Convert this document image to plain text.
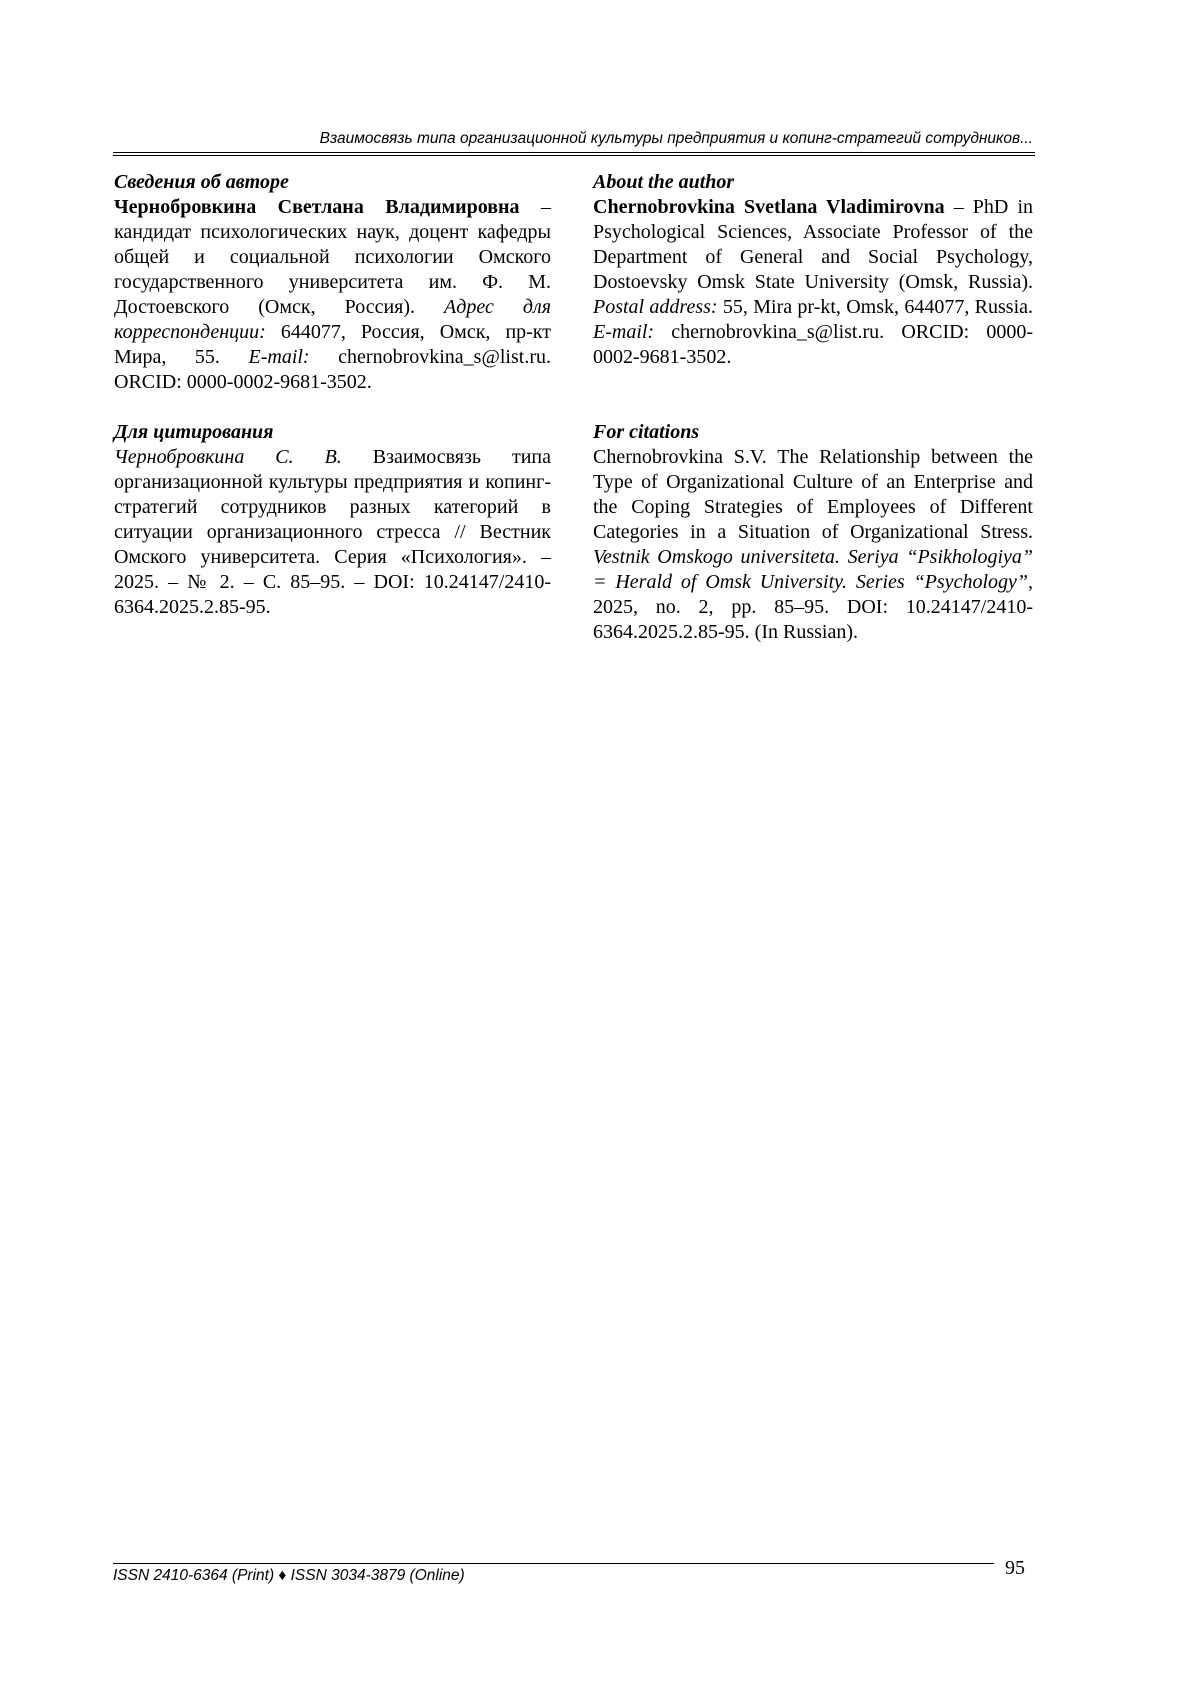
Взаимосвязь типа организационной культуры предприятия и копинг-стратегий сотрудников...
Сведения об авторе

Чернобровкина Светлана Владимировна – кандидат психологических наук, доцент кафедры общей и социальной психологии Омского государственного университета им. Ф. М. Достоевского (Омск, Россия). Адрес для корреспонденции: 644077, Россия, Омск, пр-кт Мира, 55. E-mail: chernobrovkina_s@list.ru. ORCID: 0000-0002-9681-3502.

Для цитирования

Чернобровкина С. В. Взаимосвязь типа организационной культуры предприятия и копинг-стратегий сотрудников разных категорий в ситуации организационного стресса // Вестник Омского университета. Серия «Психология». – 2025. – № 2. – С. 85–95. – DOI: 10.24147/2410-6364.2025.2.85-95.

About the author

Chernobrovkina Svetlana Vladimirovna – PhD in Psychological Sciences, Associate Professor of the Department of General and Social Psychology, Dostoevsky Omsk State University (Omsk, Russia). Postal address: 55, Mira pr-kt, Omsk, 644077, Russia. E-mail: chernobrovkina_s@list.ru. ORCID: 0000-0002-9681-3502.

For citations

Chernobrovkina S.V. The Relationship between the Type of Organizational Culture of an Enterprise and the Coping Strategies of Employees of Different Categories in a Situation of Organizational Stress. Vestnik Omskogo universiteta. Seriya “Psikhologiya” = Herald of Omsk University. Series “Psychology”, 2025, no. 2, pp. 85–95. DOI: 10.24147/2410-6364.2025.2.85-95. (In Russian).

ISSN 2410-6364 (Print) ♦ ISSN 3034-3879 (Online)	95
